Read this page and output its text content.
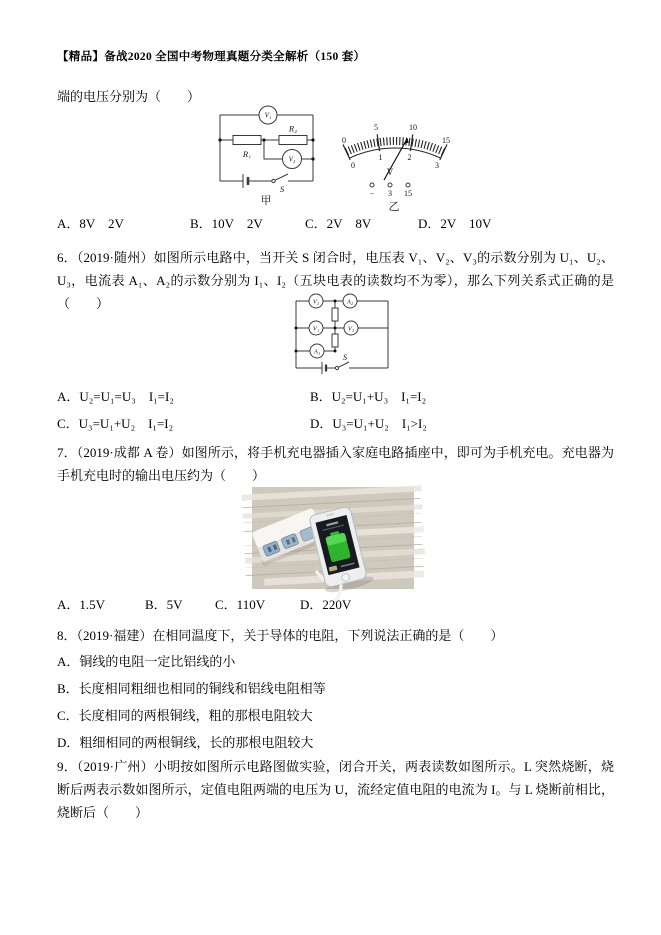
【精品】备战2020 全国中考物理真题分类全解析（150 套）
端的电压分别为（　　）
S
R₁
R₂
V₁
V₂
甲
0
5	10
15
0
1	2
3
V
− 3 15
乙
A．8V　2V	B．10V　2V	C．2V　8V	D．2V　10V
6．（2019·随州）如图所示电路中，当开关 S 闭合时，电压表 V₁、V₂、V₃的示数分别为 U₁、U₂、U₃，电流表 A₁、A₂的示数分别为 I₁、I₂（五块电表的读数均不为零），那么下列关系式正确的是（　　）
S
V₂	A₂
V₁	V₃
A₁
A．U₂=U₁=U₃　I₁=I₂	B．U₂=U₁+U₃　I₁=I₂
C．U₃=U₁+U₂　I₁=I₂	D．U₃=U₁+U₂　I₁>I₂
7．（2019·成都 A 卷）如图所示，将手机充电器插入家庭电路插座中，即可为手机充电。充电器为手机充电时的输出电压约为（　　）
A．1.5V	B．5V C．110V	D．220V
8．（2019·福建）在相同温度下，关于导体的电阻，下列说法正确的是（　　）
A．铜线的电阻一定比铝线的小
B．长度相同粗细也相同的铜线和铝线电阻相等
C．长度相同的两根铜线，粗的那根电阻较大
D．粗细相同的两根铜线，长的那根电阻较大
9．（2019·广州）小明按如图所示电路图做实验，闭合开关，两表读数如图所示。L 突然烧断，烧断后两表示数如图所示，定值电阻两端的电压为 U，流经定值电阻的电流为 I。与 L 烧断前相比，烧断后（　　）
